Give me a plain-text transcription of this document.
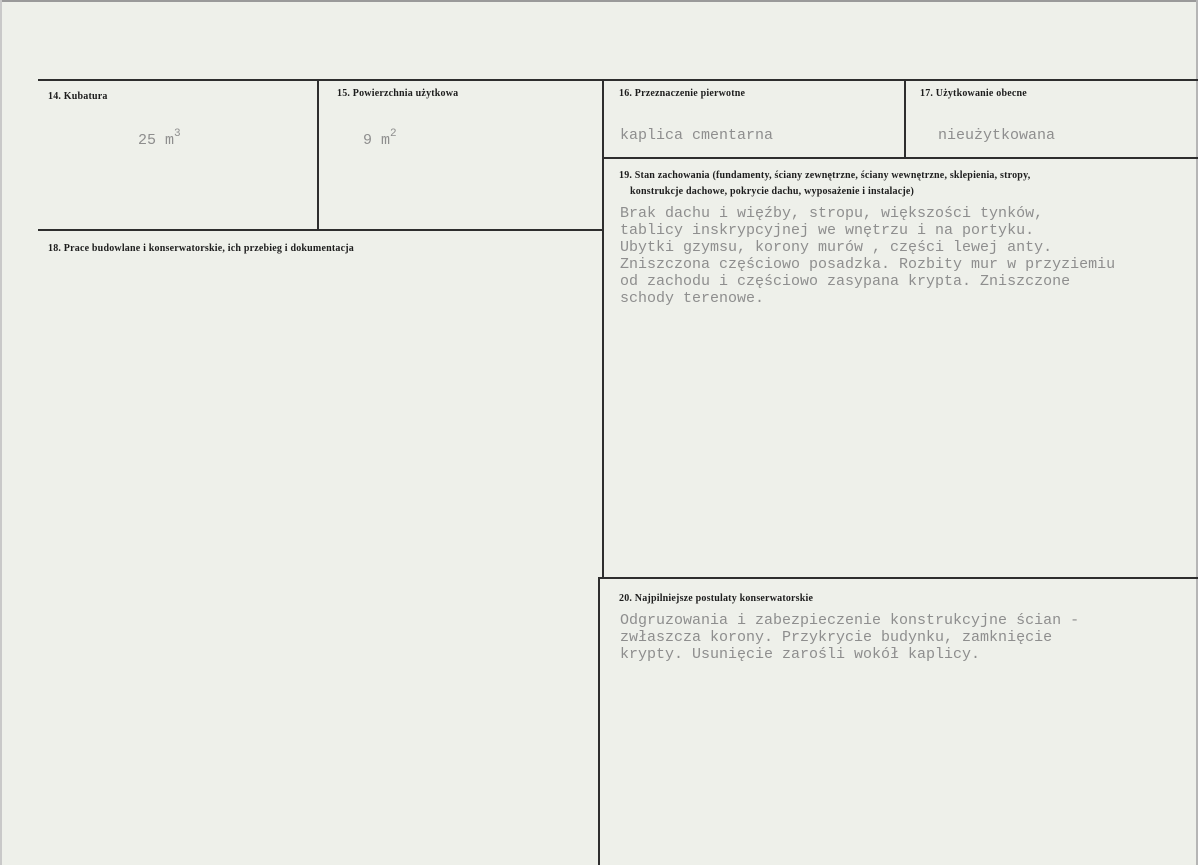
14. Kubatura
25 $m^3$
15. Powierzchnia użytkowa
9 $m^2$
16. Przeznaczenie pierwotne
kaplica cmentarna
17. Użytkowanie obecne
nieużytkowana
18. Prace budowlane i konserwatorskie, ich przebieg i dokumentacja
19. Stan zachowania (fundamenty, ściany zewnętrzne, ściany wewnętrzne, sklepienia, stropy,
konstrukcje dachowe, pokrycie dachu, wyposażenie i instalacje)
Brak dachu i więźby, stropu, większości tynków,
tablicy inskrypcyjnej we wnętrzu i na portyku.
Ubytki gzymsu, korony murów , części lewej anty.
Zniszczona częściowo posadzka. Rozbity mur w przyziemiu
od zachodu i częściowo zasypana krypta. Zniszczone
schody terenowe.
20. Najpilniejsze postulaty konserwatorskie
Odgruzowania i zabezpieczenie konstrukcyjne ścian -
zwłaszcza korony. Przykrycie budynku, zamknięcie
krypty. Usunięcie zarośli wokół kaplicy.
